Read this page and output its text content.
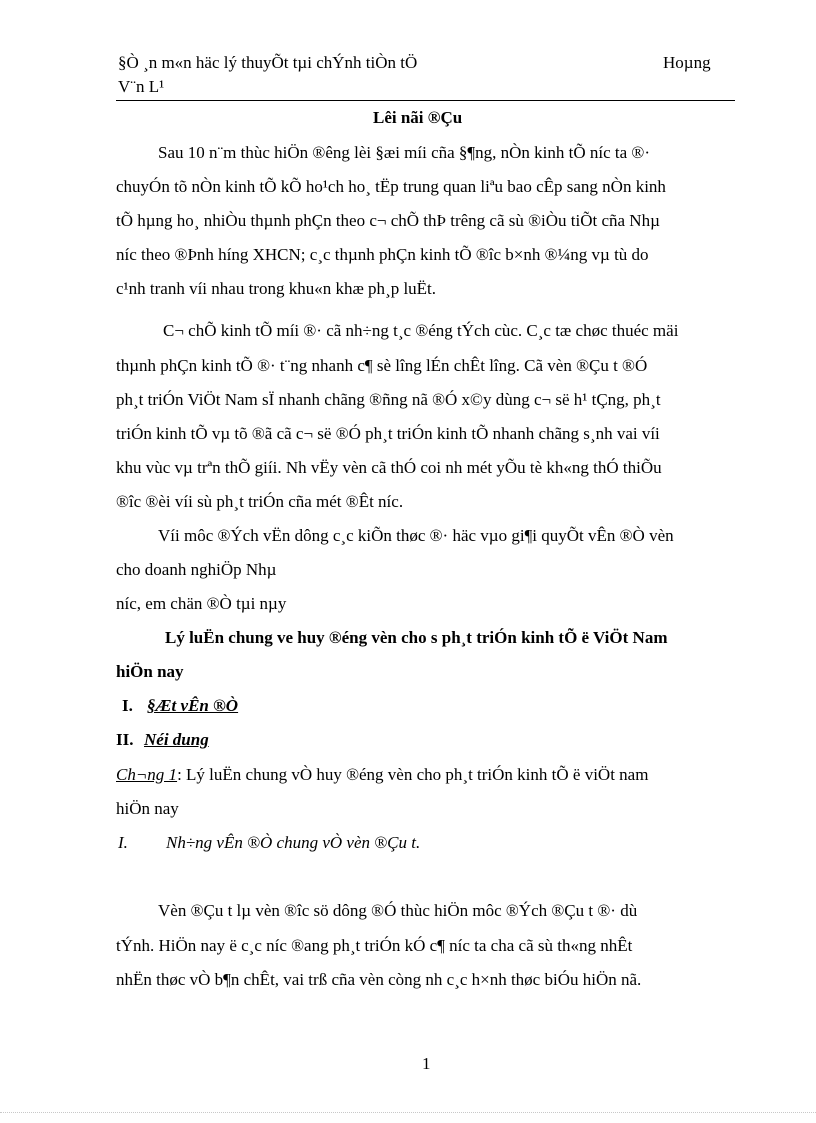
§Ò ¸n m«n häc lý thuyÕt tµi chÝnh tiÒn tÖ	Hoµng
V¨n L¹
Lêi nãi ®Çu
Sau 10 n¨m thùc hiÖn ®êng lèi §æi míi cña §¶ng, nÒn kinh tÕ níc ta ®·
chuyÓn tõ nÒn kinh tÕ kÕ ho¹ch ho¸ tËp trung quan liªu bao cÊp sang nÒn kinh
tÕ hµng ho¸ nhiÒu thµnh phÇn theo c¬ chÕ thÞ trêng cã sù ®iÒu tiÕt cña Nhµ
níc theo ®Þnh híng XHCN; c¸c thµnh phÇn kinh tÕ ®îc b×nh ®¼ng vµ tù do
c¹nh tranh víi nhau trong khu«n khæ ph¸p luËt.
C¬ chÕ kinh tÕ míi ®· cã nh÷ng t¸c ®éng tÝch cùc. C¸c tæ chøc thuéc mäi
thµnh phÇn kinh tÕ ®· t¨ng nhanh c¶ sè lîng lÉn chÊt lîng. Cã vèn ®Çu t ®Ó
ph¸t triÓn ViÖt Nam sÏ nhanh chãng ®ñng nã ®Ó x©y dùng c¬ së h¹ tÇng, ph¸t
triÓn kinh tÕ vµ tõ ®ã cã c¬ së ®Ó ph¸t triÓn kinh tÕ nhanh chãng s¸nh vai víi
khu vùc vµ trªn thÕ giíi. Nh vËy vèn cã thÓ coi nh mét yÕu tè kh«ng thÓ thiÕu
®îc ®èi víi sù ph¸t triÓn cña mét ®Êt níc.
Víi môc ®Ých vËn dông c¸c kiÕn thøc ®· häc vµo gi¶i quyÕt vÊn ®Ò vèn
cho doanh nghiÖp Nhµ
níc, em chän ®Ò tµi nµy
Lý luËn chung ve huy ®éng vèn cho s ph¸t triÓn kinh tÕ ë ViÖt Nam
hiÖn nay
I. §Æt vÊn ®Ò
II. Néi dung
Ch¬ng 1: Lý luËn chung vÒ huy ®éng vèn cho ph¸t triÓn kinh tÕ ë viÖt nam
hiÖn nay
I. Nh÷ng vÊn ®Ò chung vÒ vèn ®Çu t.
Vèn ®Çu t lµ vèn ®îc sö dông ®Ó thùc hiÖn môc ®Ých ®Çu t ®· dù
tÝnh. HiÖn nay ë c¸c níc ®ang ph¸t triÓn kÓ c¶ níc ta cha cã sù th«ng nhÊt
nhËn thøc vÒ b¶n chÊt, vai trß cña vèn còng nh c¸c h×nh thøc biÓu hiÖn nã.
1
